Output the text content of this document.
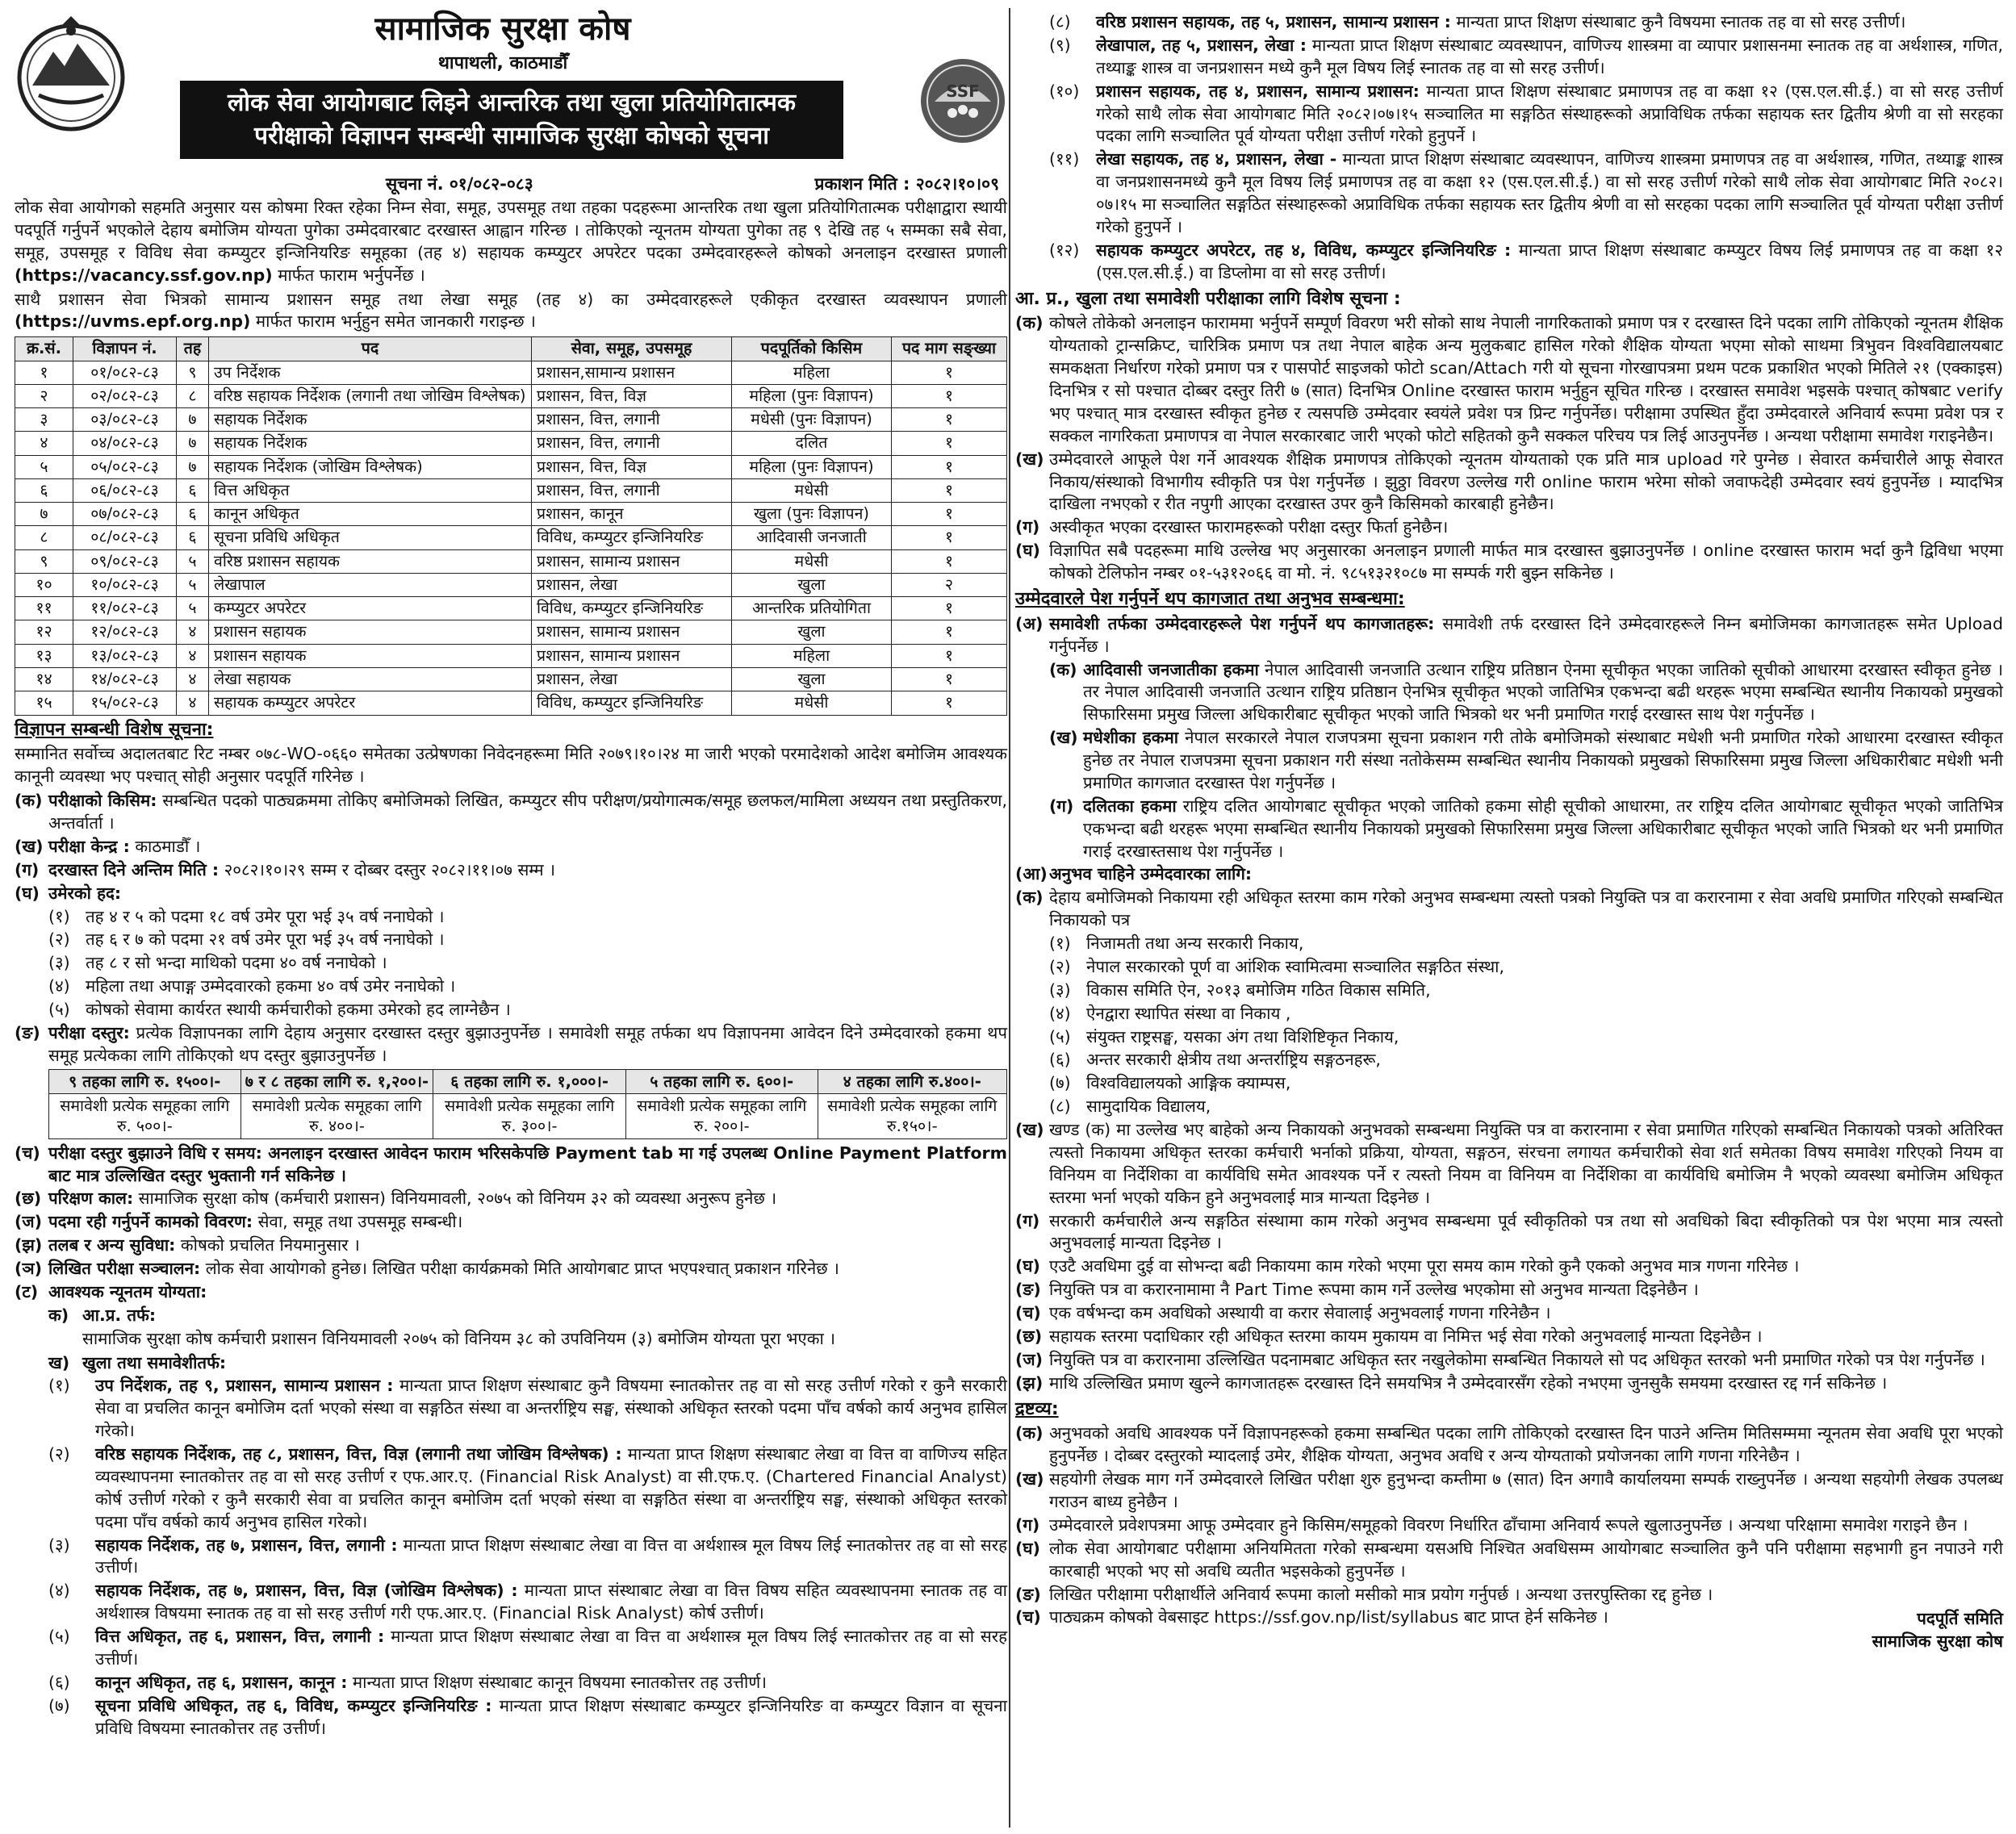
सामाजिक सुरक्षा कोष
थापाथली, काठमाडौँ
लोक सेवा आयोगबाट लिइने आन्तरिक तथा खुला प्रतियोगितात्मक
परीक्षाको विज्ञापन सम्बन्धी सामाजिक सुरक्षा कोषको सूचना
SSF
सूचना नं. ०१/०८२-०८३	प्रकाशन मिति : २०८२।१०।०९

लोक सेवा आयोगको सहमति अनुसार यस कोषमा रिक्त रहेका निम्न सेवा, समूह, उपसमूह तथा तहका पदहरूमा आन्तरिक तथा खुला प्रतियोगितात्मक परीक्षाद्वारा स्थायी पदपूर्ति गर्नुपर्ने भएकोले देहाय बमोजिम योग्यता पुगेका उम्मेदवारबाट दरखास्त आह्वान गरिन्छ । तोकिएको न्यूनतम योग्यता पुगेका तह ९ देखि तह ५ सम्मका सबै सेवा, समूह, उपसमूह र विविध सेवा कम्प्युटर इन्जिनियरिङ समूहका (तह ४) सहायक कम्प्युटर अपरेटर पदका उम्मेदवारहरूले कोषको अनलाइन दरखास्त प्रणाली (https://vacancy.ssf.gov.np) मार्फत फाराम भर्नुपर्नेछ ।

साथै प्रशासन सेवा भित्रको सामान्य प्रशासन समूह तथा लेखा समूह (तह ४) का उम्मेदवारहरूले एकीकृत दरखास्त व्यवस्थापन प्रणाली (https://uvms.epf.org.np) मार्फत फाराम भर्नुहुन समेत जानकारी गराइन्छ ।

क्र.सं.	विज्ञापन नं.	तह	पद	सेवा, समूह, उपसमूह	पदपूर्तिको किसिम	पद माग सङ्ख्या
१	०१/०८२-८३	९	उप निर्देशक	प्रशासन,सामान्य प्रशासन	महिला	१
२	०२/०८२-८३	८	वरिष्ठ सहायक निर्देशक (लगानी तथा जोखिम विश्लेषक)	प्रशासन, वित्त, विज्ञ	महिला (पुनः विज्ञापन)	१
३	०३/०८२-८३	७	सहायक निर्देशक	प्रशासन, वित्त, लगानी	मधेसी (पुनः विज्ञापन)	१
४	०४/०८२-८३	७	सहायक निर्देशक	प्रशासन, वित्त, लगानी	दलित	१
५	०५/०८२-८३	७	सहायक निर्देशक (जोखिम विश्लेषक)	प्रशासन, वित्त, विज्ञ	महिला (पुनः विज्ञापन)	१
६	०६/०८२-८३	६	वित्त अधिकृत	प्रशासन, वित्त, लगानी	मधेसी	१
७	०७/०८२-८३	६	कानून अधिकृत	प्रशासन, कानून	खुला (पुनः विज्ञापन)	१
८	०८/०८२-८३	६	सूचना प्रविधि अधिकृत	विविध, कम्प्युटर इन्जिनियरिङ	आदिवासी जनजाती	१
९	०९/०८२-८३	५	वरिष्ठ प्रशासन सहायक	प्रशासन, सामान्य प्रशासन	मधेसी	१
१०	१०/०८२-८३	५	लेखापाल	प्रशासन, लेखा	खुला	२
११	११/०८२-८३	५	कम्प्युटर अपरेटर	विविध, कम्प्युटर इन्जिनियरिङ	आन्तरिक प्रतियोगिता	१
१२	१२/०८२-८३	४	प्रशासन सहायक	प्रशासन, सामान्य प्रशासन	खुला	१
१३	१३/०८२-८३	४	प्रशासन सहायक	प्रशासन, सामान्य प्रशासन	महिला	१
१४	१४/०८२-८३	४	लेखा सहायक	प्रशासन, लेखा	खुला	१
१५	१५/०८२-८३	४	सहायक कम्प्युटर अपरेटर	विविध, कम्प्युटर इन्जिनियरिङ	मधेसी	१
विज्ञापन सम्बन्धी विशेष सूचना:

सम्मानित सर्वोच्च अदालतबाट रिट नम्बर ०७८-WO-०६६० समेतका उत्प्रेषणका निवेदनहरूमा मिति २०७९।१०।२४ मा जारी भएको परमादेशको आदेश बमोजिम आवश्यक कानूनी व्यवस्था भए पश्चात् सोही अनुसार पदपूर्ति गरिनेछ ।

(क) परीक्षाको किसिम: सम्बन्धित पदको पाठ्यक्रममा तोकिए बमोजिमको लिखित, कम्प्युटर सीप परीक्षण/प्रयोगात्मक/समूह छलफल/मामिला अध्ययन तथा प्रस्तुतिकरण, अन्तर्वार्ता ।
(ख) परीक्षा केन्द्र : काठमाडौँ ।
(ग) दरखास्त दिने अन्तिम मिति : २०८२।१०।२९ सम्म र दोब्बर दस्तुर २०८२।११।०७ सम्म ।
(घ) उमेरको हद:
(१) तह ४ र ५ को पदमा १८ वर्ष उमेर पूरा भई ३५ वर्ष ननाघेको ।
(२) तह ६ र ७ को पदमा २१ वर्ष उमेर पूरा भई ३५ वर्ष ननाघेको ।
(३) तह ८ र सो भन्दा माथिको पदमा ४० वर्ष ननाघेको ।
(४) महिला तथा अपाङ्ग उम्मेदवारको हकमा ४० वर्ष उमेर ननाघेको ।
(५) कोषको सेवामा कार्यरत स्थायी कर्मचारीको हकमा उमेरको हद लाग्नेछैन ।
(ङ) परीक्षा दस्तुर: प्रत्येक विज्ञापनका लागि देहाय अनुसार दरखास्त दस्तुर बुझाउनुपर्नेछ । समावेशी समूह तर्फका थप विज्ञापनमा आवेदन दिने उम्मेदवारको हकमा थप समूह प्रत्येकका लागि तोकिएको थप दस्तुर बुझाउनुपर्नेछ ।
९ तहका लागि रु. १५००।-	७ र ८ तहका लागि रु. १,२००।-	६ तहका लागि रु. १,०००।-	५ तहका लागि रु. ६००।-	४ तहका लागि रु.४००।-
समावेशी प्रत्येक समूहका लागि रु. ५००।-	समावेशी प्रत्येक समूहका लागि रु. ४००।-	समावेशी प्रत्येक समूहका लागि रु. ३००।-	समावेशी प्रत्येक समूहका लागि रु. २००।-	समावेशी प्रत्येक समूहका लागि रु.१५०।-
(च) परीक्षा दस्तुर बुझाउने विधि र समय: अनलाइन दरखास्त आवेदन फाराम भरिसकेपछि Payment tab मा गई उपलब्ध Online Payment Platform बाट मात्र उल्लिखित दस्तुर भुक्तानी गर्न सकिनेछ ।
(छ) परिक्षण काल: सामाजिक सुरक्षा कोष (कर्मचारी प्रशासन) विनियमावली, २०७५ को विनियम ३२ को व्यवस्था अनुरूप हुनेछ ।
(ज) पदमा रही गर्नुपर्ने कामको विवरण: सेवा, समूह तथा उपसमूह सम्बन्धी।
(झ) तलब र अन्य सुविधा: कोषको प्रचलित नियमानुसार ।
(ञ) लिखित परीक्षा सञ्चालन: लोक सेवा आयोगको हुनेछ। लिखित परीक्षा कार्यक्रमको मिति आयोगबाट प्राप्त भएपश्चात् प्रकाशन गरिनेछ ।
(ट) आवश्यक न्यूनतम योग्यता:
क) आ.प्र. तर्फ:

सामाजिक सुरक्षा कोष कर्मचारी प्रशासन विनियमावली २०७५ को विनियम ३८ को उपविनियम (३) बमोजिम योग्यता पूरा भएका ।

ख) खुला तथा समावेशीतर्फ:
(१)	उप निर्देशक, तह ९, प्रशासन, सामान्य प्रशासन : मान्यता प्राप्त शिक्षण संस्थाबाट कुनै विषयमा स्नातकोत्तर तह वा सो सरह उत्तीर्ण गरेको र कुनै सरकारी सेवा वा प्रचलित कानून बमोजिम दर्ता भएको संस्था वा सङ्गठित संस्था वा अन्तर्राष्ट्रिय सङ्घ, संस्थाको अधिकृत स्तरको पदमा पाँच वर्षको कार्य अनुभव हासिल गरेको।
(२)	वरिष्ठ सहायक निर्देशक, तह ८, प्रशासन, वित्त, विज्ञ (लगानी तथा जोखिम विश्लेषक) : मान्यता प्राप्त शिक्षण संस्थाबाट लेखा वा वित्त वा वाणिज्य सहित व्यवस्थापनमा स्नातकोत्तर तह वा सो सरह उत्तीर्ण र एफ.आर.ए. (Financial Risk Analyst) वा सी.एफ.ए. (Chartered Financial Analyst) कोर्ष उत्तीर्ण गरेको र कुनै सरकारी सेवा वा प्रचलित कानून बमोजिम दर्ता भएको संस्था वा सङ्गठित संस्था वा अन्तर्राष्ट्रिय सङ्घ, संस्थाको अधिकृत स्तरको पदमा पाँच वर्षको कार्य अनुभव हासिल गरेको।
(३)	सहायक निर्देशक, तह ७, प्रशासन, वित्त, लगानी : मान्यता प्राप्त शिक्षण संस्थाबाट लेखा वा वित्त वा अर्थशास्त्र मूल विषय लिई स्नातकोत्तर तह वा सो सरह उत्तीर्ण।
(४)	सहायक निर्देशक, तह ७, प्रशासन, वित्त, विज्ञ (जोखिम विश्लेषक) : मान्यता प्राप्त संस्थाबाट लेखा वा वित्त विषय सहित व्यवस्थापनमा स्नातक तह वा अर्थशास्त्र विषयमा स्नातक तह वा सो सरह उत्तीर्ण गरी एफ.आर.ए. (Financial Risk Analyst) कोर्ष उत्तीर्ण।
(५)	वित्त अधिकृत, तह ६, प्रशासन, वित्त, लगानी : मान्यता प्राप्त शिक्षण संस्थाबाट लेखा वा वित्त वा अर्थशास्त्र मूल विषय लिई स्नातकोत्तर तह वा सो सरह उत्तीर्ण।
(६)	कानून अधिकृत, तह ६, प्रशासन, कानून : मान्यता प्राप्त शिक्षण संस्थाबाट कानून विषयमा स्नातकोत्तर तह उत्तीर्ण।
(७)	सूचना प्रविधि अधिकृत, तह ६, विविध, कम्प्युटर इन्जिनियरिङ : मान्यता प्राप्त शिक्षण संस्थाबाट कम्प्युटर इन्जिनियरिङ वा कम्प्युटर विज्ञान वा सूचना प्रविधि विषयमा स्नातकोत्तर तह उत्तीर्ण।
(८)	वरिष्ठ प्रशासन सहायक, तह ५, प्रशासन, सामान्य प्रशासन : मान्यता प्राप्त शिक्षण संस्थाबाट कुनै विषयमा स्नातक तह वा सो सरह उत्तीर्ण।
(९)	लेखापाल, तह ५, प्रशासन, लेखा : मान्यता प्राप्त शिक्षण संस्थाबाट व्यवस्थापन, वाणिज्य शास्त्रमा वा व्यापार प्रशासनमा स्नातक तह वा अर्थशास्त्र, गणित, तथ्याङ्क शास्त्र वा जनप्रशासन मध्ये कुनै मूल विषय लिई स्नातक तह वा सो सरह उत्तीर्ण।
(१०)	प्रशासन सहायक, तह ४, प्रशासन, सामान्य प्रशासन: मान्यता प्राप्त शिक्षण संस्थाबाट प्रमाणपत्र तह वा कक्षा १२ (एस.एल.सी.ई.) वा सो सरह उत्तीर्ण गरेको साथै लोक सेवा आयोगबाट मिति २०८२।०७।१५ सञ्चालित मा सङ्गठित संस्थाहरूको अप्राविधिक तर्फका सहायक स्तर द्वितीय श्रेणी वा सो सरहका पदका लागि सञ्चालित पूर्व योग्यता परीक्षा उत्तीर्ण गरेको हुनुपर्ने ।
(११)	लेखा सहायक, तह ४, प्रशासन, लेखा - मान्यता प्राप्त शिक्षण संस्थाबाट व्यवस्थापन, वाणिज्य शास्त्रमा प्रमाणपत्र तह वा अर्थशास्त्र, गणित, तथ्याङ्क शास्त्र वा जनप्रशासनमध्ये कुनै मूल विषय लिई प्रमाणपत्र तह वा कक्षा १२ (एस.एल.सी.ई.) वा सो सरह उत्तीर्ण गरेको साथै लोक सेवा आयोगबाट मिति २०८२।०७।१५ मा सञ्चालित सङ्गठित संस्थाहरूको अप्राविधिक तर्फका सहायक स्तर द्वितीय श्रेणी वा सो सरहका पदका लागि सञ्चालित पूर्व योग्यता परीक्षा उत्तीर्ण गरेको हुनुपर्ने ।
(१२)	सहायक कम्प्युटर अपरेटर, तह ४, विविध, कम्प्युटर इन्जिनियरिङ : मान्यता प्राप्त शिक्षण संस्थाबाट कम्प्युटर विषय लिई प्रमाणपत्र तह वा कक्षा १२ (एस.एल.सी.ई.) वा डिप्लोमा वा सो सरह उत्तीर्ण।
आ. प्र., खुला तथा समावेशी परीक्षाका लागि विशेष सूचना :
(क) कोषले तोकेको अनलाइन फाराममा भर्नुपर्ने सम्पूर्ण विवरण भरी सोको साथ नेपाली नागरिकताको प्रमाण पत्र र दरखास्त दिने पदका लागि तोकिएको न्यूनतम शैक्षिक योग्यताको ट्रान्सक्रिप्ट, चारित्रिक प्रमाण पत्र तथा नेपाल बाहेक अन्य मुलुकबाट हासिल गरेको शैक्षिक योग्यता भएमा सोको साथमा त्रिभुवन विश्वविद्यालयबाट समकक्षता निर्धारण गरेको प्रमाण पत्र र पासपोर्ट साइजको फोटो scan/Attach गरी यो सूचना गोरखापत्रमा प्रथम पटक प्रकाशित भएको मितिले २१ (एक्काइस) दिनभित्र र सो पश्चात दोब्बर दस्तुर तिरी ७ (सात) दिनभित्र Online दरखास्त फाराम भर्नुहुन सूचित गरिन्छ । दरखास्त समावेश भइसके पश्चात् कोषबाट verify भए पश्चात् मात्र दरखास्त स्वीकृत हुनेछ र त्यसपछि उम्मेदवार स्वयंले प्रवेश पत्र प्रिन्ट गर्नुपर्नेछ। परीक्षामा उपस्थित हुँदा उम्मेदवारले अनिवार्य रूपमा प्रवेश पत्र र सक्कल नागरिकता प्रमाणपत्र वा नेपाल सरकारबाट जारी भएको फोटो सहितको कुनै सक्कल परिचय पत्र लिई आउनुपर्नेछ । अन्यथा परीक्षामा समावेश गराइनेछैन।
(ख) उम्मेदवारले आफूले पेश गर्ने आवश्यक शैक्षिक प्रमाणपत्र तोकिएको न्यूनतम योग्यताको एक प्रति मात्र upload गरे पुग्नेछ । सेवारत कर्मचारीले आफू सेवारत निकाय/संस्थाको विभागीय स्वीकृति पत्र पेश गर्नुपर्नेछ । झुठ्ठा विवरण उल्लेख गरी online फाराम भरेमा सोको जवाफदेही उम्मेदवार स्वयं हुनुपर्नेछ । म्यादभित्र दाखिला नभएको र रीत नपुगी आएका दरखास्त उपर कुनै किसिमको कारबाही हुनेछैन।
(ग) अस्वीकृत भएका दरखास्त फारामहरूको परीक्षा दस्तुर फिर्ता हुनेछैन।
(घ) विज्ञापित सबै पदहरूमा माथि उल्लेख भए अनुसारका अनलाइन प्रणाली मार्फत मात्र दरखास्त बुझाउनुपर्नेछ । online दरखास्त फाराम भर्दा कुनै द्विविधा भएमा कोषको टेलिफोन नम्बर ०१-५३१२०६६ वा मो. नं. ९८५१३२१०८७ मा सम्पर्क गरी बुझ्न सकिनेछ ।
उम्मेदवारले पेश गर्नुपर्ने थप कागजात तथा अनुभव सम्बन्धमा:
(अ) समावेशी तर्फका उम्मेदवारहरूले पेश गर्नुपर्ने थप कागजातहरू: समावेशी तर्फ दरखास्त दिने उम्मेदवारहरूले निम्न बमोजिमका कागजातहरू समेत Upload गर्नुपर्नेछ ।
(क) आदिवासी जनजातीका हकमा नेपाल आदिवासी जनजाति उत्थान राष्ट्रिय प्रतिष्ठान ऐनमा सूचीकृत भएका जातिको सूचीको आधारमा दरखास्त स्वीकृत हुनेछ । तर नेपाल आदिवासी जनजाति उत्थान राष्ट्रिय प्रतिष्ठान ऐनभित्र सूचीकृत भएको जातिभित्र एकभन्दा बढी थरहरू भएमा सम्बन्धित स्थानीय निकायको प्रमुखको सिफारिसमा प्रमुख जिल्ला अधिकारीबाट सूचीकृत भएको जाति भित्रको थर भनी प्रमाणित गराई दरखास्त साथ पेश गर्नुपर्नेछ ।
(ख) मधेशीका हकमा नेपाल सरकारले नेपाल राजपत्रमा सूचना प्रकाशन गरी तोके बमोजिमको संस्थाबाट मधेशी भनी प्रमाणित गरेको आधारमा दरखास्त स्वीकृत हुनेछ तर नेपाल राजपत्रमा सूचना प्रकाशन गरी संस्था नतोकेसम्म सम्बन्धित स्थानीय निकायको प्रमुखको सिफारिसमा प्रमुख जिल्ला अधिकारीबाट मधेशी भनी प्रमाणित कागजात दरखास्त पेश गर्नुपर्नेछ ।
(ग) दलितका हकमा राष्ट्रिय दलित आयोगबाट सूचीकृत भएको जातिको हकमा सोही सूचीको आधारमा, तर राष्ट्रिय दलित आयोगबाट सूचीकृत भएको जातिभित्र एकभन्दा बढी थरहरू भएमा सम्बन्धित स्थानीय निकायको प्रमुखको सिफारिसमा प्रमुख जिल्ला अधिकारीबाट सूचीकृत भएको जाति भित्रको थर भनी प्रमाणित गराई दरखास्तसाथ पेश गर्नुपर्नेछ ।
(आ) अनुभव चाहिने उम्मेदवारका लागि:
(क) देहाय बमोजिमको निकायमा रही अधिकृत स्तरमा काम गरेको अनुभव सम्बन्धमा त्यस्तो पत्रको नियुक्ति पत्र वा करारनामा र सेवा अवधि प्रमाणित गरिएको सम्बन्धित निकायको पत्र
(१) निजामती तथा अन्य सरकारी निकाय,
(२) नेपाल सरकारको पूर्ण वा आंशिक स्वामित्वमा सञ्चालित सङ्गठित संस्था,
(३) विकास समिति ऐन, २०१३ बमोजिम गठित विकास समिति,
(४) ऐनद्वारा स्थापित संस्था वा निकाय ,
(५) संयुक्त राष्ट्रसङ्घ, यसका अंग तथा विशिष्टिकृत निकाय,
(६) अन्तर सरकारी क्षेत्रीय तथा अन्तर्राष्ट्रिय सङ्गठनहरू,
(७) विश्वविद्यालयको आङ्गिक क्याम्पस,
(८) सामुदायिक विद्यालय,
(ख) खण्ड (क) मा उल्लेख भए बाहेको अन्य निकायको अनुभवको सम्बन्धमा नियुक्ति पत्र वा करारनामा र सेवा प्रमाणित गरिएको सम्बन्धित निकायको पत्रको अतिरिक्त त्यस्तो निकायमा अधिकृत स्तरका कर्मचारी भर्नाको प्रक्रिया, योग्यता, सङ्गठन, संरचना लगायत कर्मचारीको सेवा शर्त समेतका विषय समावेश गरिएको नियम वा विनियम वा निर्देशिका वा कार्यविधि समेत आवश्यक पर्ने र त्यस्तो नियम वा विनियम वा निर्देशिका वा कार्यविधि बमोजिम नै भएको व्यवस्था बमोजिम अधिकृत स्तरमा भर्ना भएको यकिन हुने अनुभवलाई मात्र मान्यता दिइनेछ ।
(ग) सरकारी कर्मचारीले अन्य सङ्गठित संस्थामा काम गरेको अनुभव सम्बन्धमा पूर्व स्वीकृतिको पत्र तथा सो अवधिको बिदा स्वीकृतिको पत्र पेश भएमा मात्र त्यस्तो अनुभवलाई मान्यता दिइनेछ ।
(घ) एउटै अवधिमा दुई वा सोभन्दा बढी निकायमा काम गरेको भएमा पूरा समय काम गरेको कुनै एकको अनुभव मात्र गणना गरिनेछ ।
(ङ) नियुक्ति पत्र वा करारनामामा नै Part Time रूपमा काम गर्ने उल्लेख भएकोमा सो अनुभव मान्यता दिइनेछैन ।
(च) एक वर्षभन्दा कम अवधिको अस्थायी वा करार सेवालाई अनुभवलाई गणना गरिनेछैन ।
(छ) सहायक स्तरमा पदाधिकार रही अधिकृत स्तरमा कायम मुकायम वा निमित्त भई सेवा गरेको अनुभवलाई मान्यता दिइनेछैन ।
(ज) नियुक्ति पत्र वा करारनामा उल्लिखित पदनामबाट अधिकृत स्तर नखुलेकोमा सम्बन्धित निकायले सो पद अधिकृत स्तरको भनी प्रमाणित गरेको पत्र पेश गर्नुपर्नेछ ।
(झ) माथि उल्लिखित प्रमाण खुल्ने कागजातहरू दरखास्त दिने समयभित्र नै उम्मेदवारसँग रहेको नभएमा जुनसुकै समयमा दरखास्त रद्द गर्न सकिनेछ ।
द्रष्टव्य:
(क) अनुभवको अवधि आवश्यक पर्ने विज्ञापनहरूको हकमा सम्बन्धित पदका लागि तोकिएको दरखास्त दिन पाउने अन्तिम मितिसम्ममा न्यूनतम सेवा अवधि पूरा भएको हुनुपर्नेछ । दोब्बर दस्तुरको म्यादलाई उमेर, शैक्षिक योग्यता, अनुभव अवधि र अन्य योग्यताको प्रयोजनका लागि गणना गरिनेछैन ।
(ख) सहयोगी लेखक माग गर्ने उम्मेदवारले लिखित परीक्षा शुरु हुनुभन्दा कम्तीमा ७ (सात) दिन अगावै कार्यालयमा सम्पर्क राख्नुपर्नेछ । अन्यथा सहयोगी लेखक उपलब्ध गराउन बाध्य हुनेछैन ।
(ग) उम्मेदवारले प्रवेशपत्रमा आफू उम्मेदवार हुने किसिम/समूहको विवरण निर्धारित ढाँचामा अनिवार्य रूपले खुलाउनुपर्नेछ । अन्यथा परिक्षामा समावेश गराइने छैन ।
(घ) लोक सेवा आयोगबाट परीक्षामा अनियमितता गरेको सम्बन्धमा यसअघि निश्चित अवधिसम्म आयोगबाट सञ्चालित कुनै पनि परीक्षामा सहभागी हुन नपाउने गरी कारबाही भएको भए सो अवधि व्यतीत भइसकेको हुनुपर्नेछ ।
(ङ) लिखित परीक्षामा परीक्षार्थीले अनिवार्य रूपमा कालो मसीको मात्र प्रयोग गर्नुपर्छ । अन्यथा उत्तरपुस्तिका रद्द हुनेछ ।
(च) पाठ्यक्रम कोषको वेबसाइट https://ssf.gov.np/list/syllabus बाट प्राप्त हेर्न सकिनेछ ।	पदपूर्ति समिति
सामाजिक सुरक्षा कोष
